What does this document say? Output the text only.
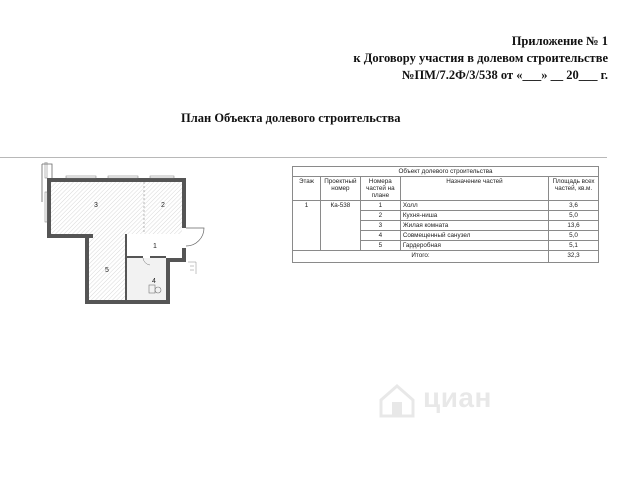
Приложение № 1
к Договору участия в долевом строительстве
№ПМ/7.2Ф/3/538 от «___» __ 20___ г.
План Объекта долевого строительства
3	2
1
5
4
Объект долевого строительства				
Этаж	Проектный номер	Номера частей на плане	Назначение частей	Площадь всех частей, кв.м.
1	Ка-538	1	Холл	3,6
		2	Кухня-ниша	5,0
		3	Жилая комната	13,6
		4	Совмещенный санузел	5,0
		5	Гардеробная	5,1
Итого:				32,3
циан
